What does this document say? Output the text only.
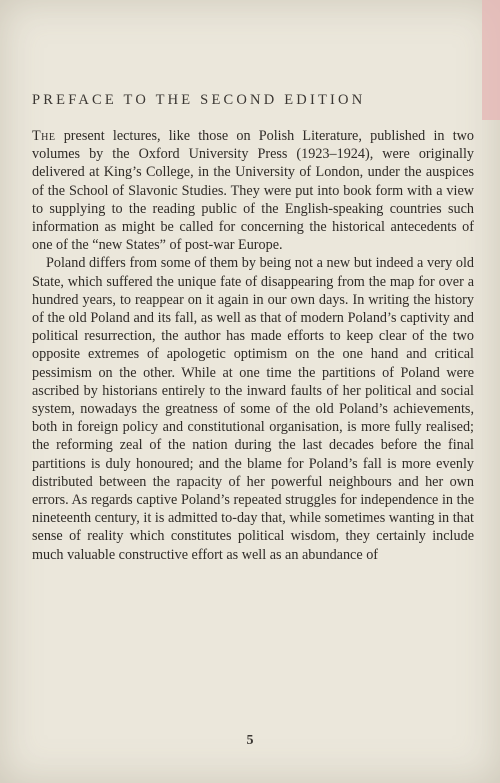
PREFACE TO THE SECOND EDITION

The present lectures, like those on Polish Literature, published in two volumes by the Oxford University Press (1923–1924), were originally delivered at King’s College, in the University of London, under the auspices of the School of Slavonic Studies. They were put into book form with a view to supplying to the reading public of the English-speaking countries such information as might be called for concerning the historical antecedents of one of the “new States” of post-war Europe.

Poland differs from some of them by being not a new but indeed a very old State, which suffered the unique fate of disappearing from the map for over a hundred years, to reappear on it again in our own days. In writing the history of the old Poland and its fall, as well as that of modern Poland’s captivity and political resurrection, the author has made efforts to keep clear of the two opposite extremes of apologetic optimism on the one hand and critical pessimism on the other. While at one time the partitions of Poland were ascribed by historians entirely to the inward faults of her political and social system, nowadays the greatness of some of the old Poland’s achievements, both in foreign policy and constitutional organisation, is more fully realised; the reforming zeal of the nation during the last decades before the final partitions is duly honoured; and the blame for Poland’s fall is more evenly distributed between the rapacity of her powerful neighbours and her own errors. As regards captive Poland’s repeated struggles for independence in the nineteenth century, it is admitted to-day that, while sometimes wanting in that sense of reality which constitutes political wisdom, they certainly include much valuable constructive effort as well as an abundance of

5
